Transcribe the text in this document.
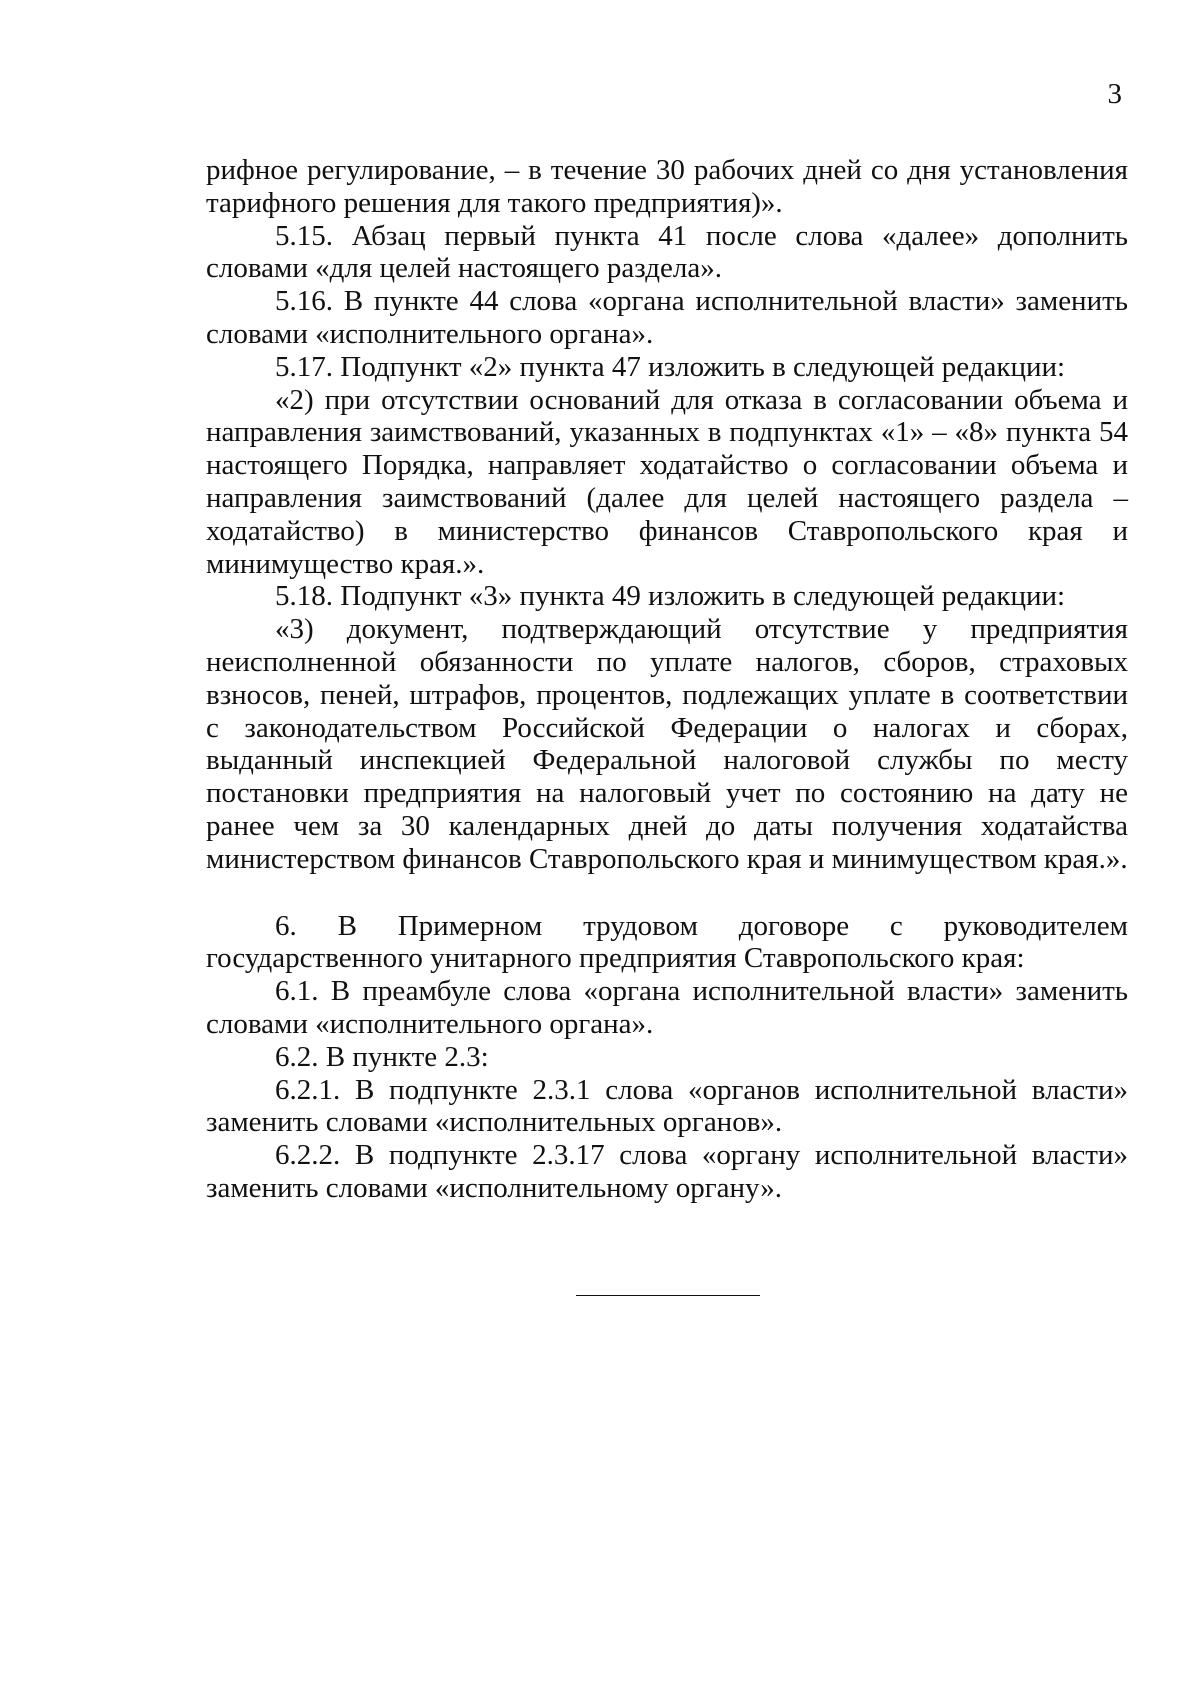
3

рифное регулирование, – в течение 30 рабочих дней со дня установления тарифного решения для такого предприятия)».

5.15. Абзац первый пункта 41 после слова «далее» дополнить словами «для целей настоящего раздела».

5.16. В пункте 44 слова «органа исполнительной власти» заменить словами «исполнительного органа».

5.17. Подпункт «2» пункта 47 изложить в следующей редакции:

«2) при отсутствии оснований для отказа в согласовании объема и направления заимствований, указанных в подпунктах «1» – «8» пункта 54 настоящего Порядка, направляет ходатайство о согласовании объема и направления заимствований (далее для целей настоящего раздела – ходатайство) в министерство финансов Ставропольского края и минимущество края.».

5.18. Подпункт «3» пункта 49 изложить в следующей редакции:

«3) документ, подтверждающий отсутствие у предприятия неисполненной обязанности по уплате налогов, сборов, страховых взносов, пеней, штрафов, процентов, подлежащих уплате в соответствии с законодательством Российской Федерации о налогах и сборах, выданный инспекцией Федеральной налоговой службы по месту постановки предприятия на налоговый учет по состоянию на дату не ранее чем за 30 календарных дней до даты получения ходатайства министерством финансов Ставропольского края и минимуществом края.».

6. В Примерном трудовом договоре с руководителем государственного унитарного предприятия Ставропольского края:

6.1. В преамбуле слова «органа исполнительной власти» заменить словами «исполнительного органа».

6.2. В пункте 2.3:

6.2.1. В подпункте 2.3.1 слова «органов исполнительной власти» заменить словами «исполнительных органов».

6.2.2. В подпункте 2.3.17 слова «органу исполнительной власти» заменить словами «исполнительному органу».
